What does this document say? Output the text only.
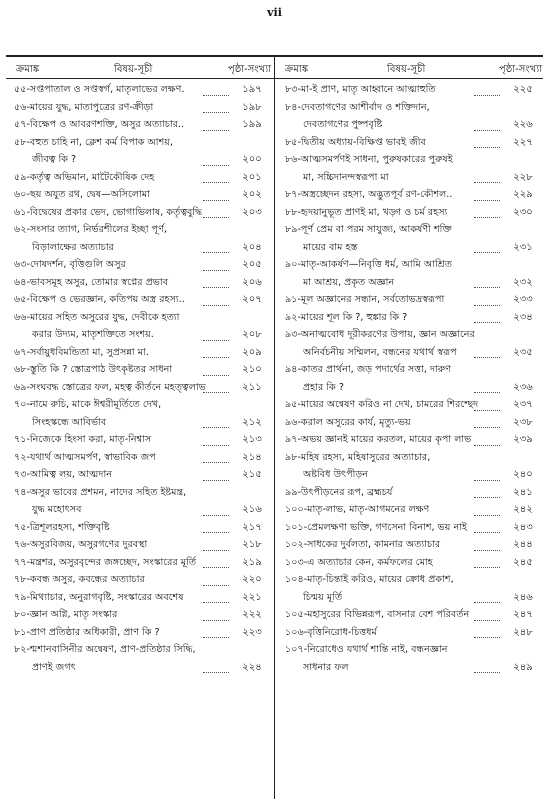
vii
ক্রমাঙ্ক	বিষয়-সূচী	পৃষ্ঠা-সংখ্যা ক্রমাঙ্ক	বিষয়-সূচী	পৃষ্ঠা-সংখ্যা
৫৫-সপ্তপাতাল ও সপ্তস্বর্গ, মাতৃলাভের লক্ষণ.	১৯৭
৫৬-মায়ের যুদ্ধ, মাতাপুত্রের রণ-ক্রীড়া	১৯৮
৫৭-বিক্ষেপ ও আবরণশক্তি, অসুর অত্যাচার..	১৯৯
৫৮-বহুত চাহি না, ক্লেশ কর্ম বিপাক আশয়,
জীবত্ব কি ?	২০০
৫৯-কর্তৃত্ব অভিমান, মাটৈকৌষিক দেহ	২০১
৬০-ছয় অযুত রথ, দ্বেষ—অসিলোমা	২০২
৬১-বিদ্বেষের প্রকার ভেদ, ভোগাভিলাষ, কর্তৃত্ববুদ্ধি	২০৩
৬২-সংসার ত্যাগ, নির্ভরশীলের ইচ্ছা পূর্ণ,
বিড়ালাক্ষের অত্যাচার	২০৪
৬৩-দোষদর্শন, বৃত্তিগুলি অসুর	২০৫
৬৪-ভাবসমূহ অসুর, তোমার স্বপ্নের প্রভাব	২০৬
৬৫-বিক্ষেপ ও ভেরজ্ঞান, কতিপয় অস্ত্র রহস্য..	২০৭
৬৬-মায়ের সহিত অসুরের যুদ্ধ, দেবীকে হত্যা
করার উদ্যম, মাতৃশক্তিতে সংশয়.	২০৮
৬৭-সর্বায়ুধবিমন্ডিতা মা, সুপ্রসন্না মা.	২০৯
৬৮-স্তুতি কি ? স্তোত্রপাঠ উৎকৃষ্টতর সাধনা	২১০
৬৯-সংঘবদ্ধ স্তোত্রের ফল, মহত্ব কীর্তনে মহত্ত্বলাভ	২১১
৭০-নামে রুচি, মাকে ঈশ্বরীমূর্তিতে দেখ,
সিংহস্কন্ধে আবির্ভাব	২১২
৭১-নিজেকে হিংসা করা, মাতৃ-নিশ্বাস	২১৩
৭২-যথার্থ আত্মসমর্পণ, স্বাভাবিক জপ	২১৪
৭৩-আমিত্ব লয়, আত্মদান	২১৫
৭৪-অসুর ভাবের প্রশমন, নাদের সহিত ইষ্টমন্ত্র,
যুদ্ধ মহোৎসব	২১৬
৭৫-ত্রিশূলরহস্য, শক্তিবৃষ্টি	২১৭
৭৬-অসুরবিজয়, অসুরগণের দুরবস্থা	২১৮
৭৭-মন্ত্রশর, অসুরবৃন্দের জঙ্গচ্ছেদ, সংস্কারের মূর্তি	২১৯
৭৮-কবন্ধ অসুর, কবন্ধের অত্যাচার	২২০
৭৯-মিথ্যাচার, অনুরাগবৃষ্টি, সংস্কারের অবশেষ	২২১
৮০-জ্ঞান অগ্নি, মাতৃ সংস্কার	২২২
৮১-প্রাণ প্রতিষ্ঠার অধিকারী, প্রাণ কি ?	২২৩
৮২-শ্মশানবাসিনীর অন্বেষণ, প্রাণ-প্রতিষ্ঠার সিদ্ধি,
প্রাণই জগৎ	২২৪
৮৩-মা-ই প্রাণ, মাতৃ আহ্বানে আত্মাহুতি	২২৫
৮৪-দেবতাগণের আশীর্বাদ ও শক্তিদান,
দেবতাগণের পুষ্পবৃষ্টি	২২৬
৮৫-দ্বিতীয় অধ্যায়-বিক্ষিপ্ত ভাবই জীব	২২৭
৮৬-আত্মসমর্পণই সাধনা, পুরুষকারের পুরুষই
মা, সচ্চিদানন্দস্বরূপা মা	২২৮
৮৭-অস্ত্রচ্ছেদন রহস্য, অদ্ভুতপূর্ব রণ-কৌশল..	২২৯
৮৮-হৃদয়ানুভূত প্রাণই মা, খড়্গ ও চর্ম রহস্য	২৩০
৮৯-পূর্ণ প্রেম বা পরম সাযুজ্য, আকর্ষণী শক্তি
মায়ের বাম হস্ত	২৩১
৯০-মাতৃ-আকর্ষণ—নিবৃত্তি ধর্ম, আমি আশ্রিত
মা আশ্রয়, প্রকৃত অজ্ঞান	২৩২
৯১-মূল অজ্ঞানের সন্ধান, সর্বতোভদ্রস্বরূপা	২৩৩
৯২-মায়ের শূল কি ?, হুঙ্কার কি ?	২৩৪
৯৩-অনাত্মবোধ দূরীকরণের উপায়, জ্ঞান অজ্ঞানের
অনির্বচনীয় সম্মিলন, বন্ধনের যথার্থ স্বরূপ	২৩৫
৯৪-কাতর প্রার্থনা, জড় পদার্থের সত্তা, দারুণ
প্রহার কি ?	২৩৬
৯৫-মায়ের অন্বেষণ করিও না দেখ, চামরের শিরশ্ছেদ	২৩৭
৯৬-করাল অসুরের কার্য, মৃত্যু-ভয়	২৩৮
৯৭-অভয় জ্ঞানই মায়ের করতল, মায়ের কৃপা লাভ	২৩৯
৯৮-মহিষ রহস্য, মহিষাসুরের অত্যাচার,
অষ্টবিধ উৎপীড়ন	২৪০
৯৯-উৎপীড়নের রূপ, ব্রহ্মচর্য	২৪১
১০০-মাতৃ-লাভ, মাতৃ-আগমনের লক্ষণ	২৪২
১০১-প্রেমলক্ষণা ভক্তি, গণসেনা বিনাশ, ভয় নাই	২৪৩
১০২-সাধকের দুর্বলতা, কামনার অত্যাচার	২৪৪
১০৩-এ অত্যাচার কেন, কর্মফলের মোহ	২৪৫
১০৪-মাতৃ-চিন্তাই করিও, মায়ের ক্রোধ প্রকাশ,
চিন্ময় মূর্তি	২৪৬
১০৫-মহাসুরের বিভিন্নরূপ, বাসনার বেশ পরিবর্তন	২৪৭
১০৬-বৃত্তিনিরোধ-চিত্তধর্ম	২৪৮
১০৭-নিরোধেও যথার্থ শান্তি নাই, বন্ধনজ্ঞান
সাধনার ফল	২৪৯
